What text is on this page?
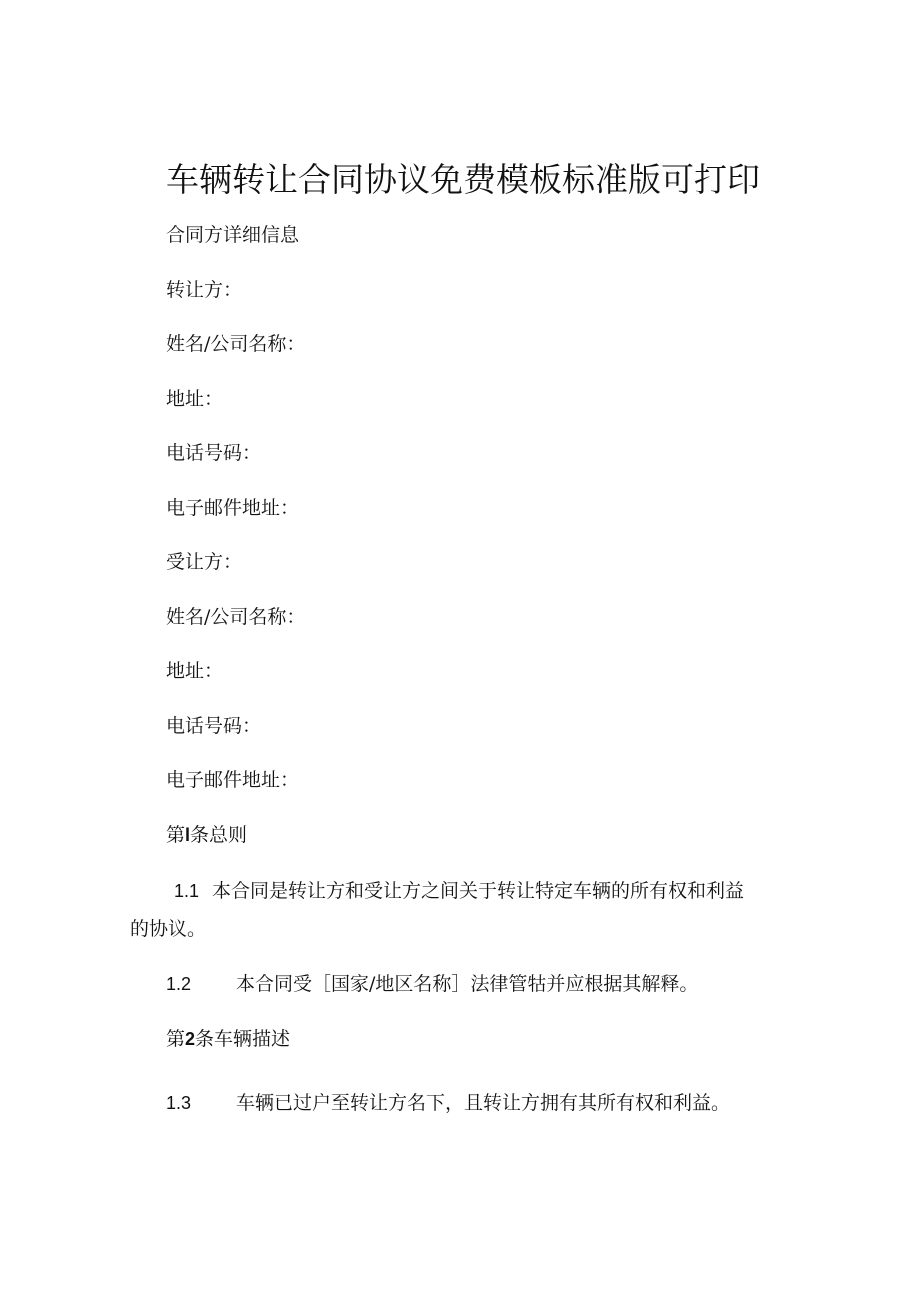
车辆转让合同协议免费模板标准版可打印
合同方详细信息
转让方：
姓名/公司名称：
地址：
电话号码：
电子邮件地址：
受让方：
姓名/公司名称：
地址：
电话号码：
电子邮件地址：
第l条总则
1.1 本合同是转让方和受让方之间关于转让特定车辆的所有权和利益
的协议。
1.2 本合同受［国家/地区名称］法律管牯并应根据其解释。
第2条车辆描述
1.3 车辆已过户至转让方名下，且转让方拥有其所有权和利益。
